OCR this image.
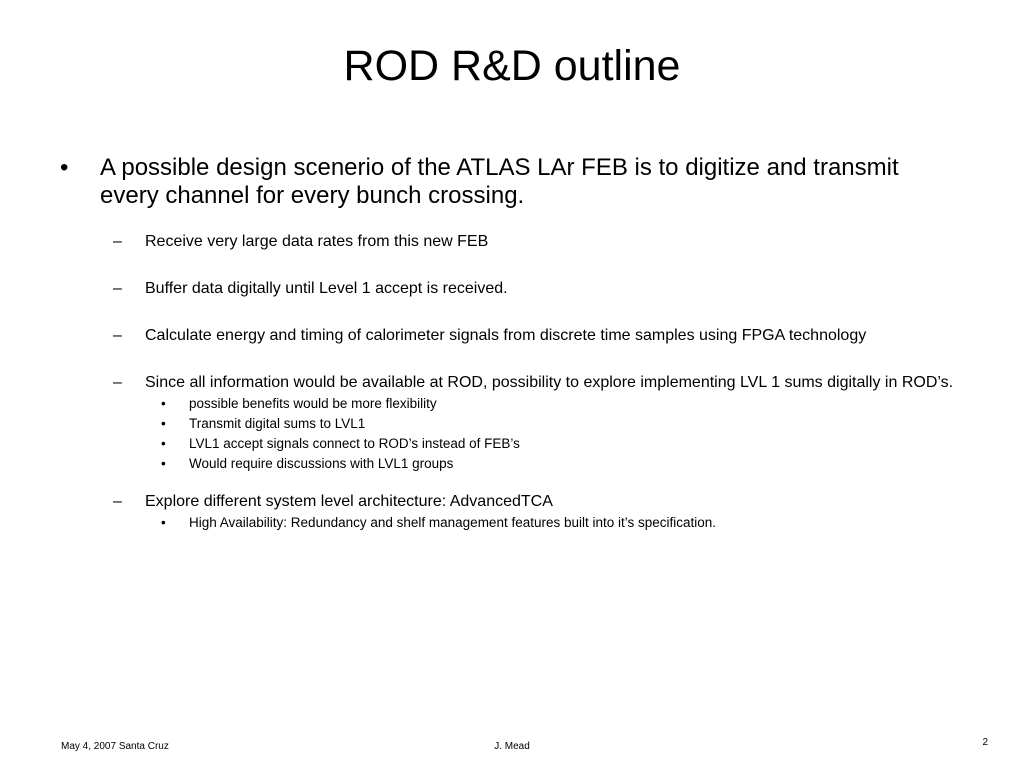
ROD R&D outline

• A possible design scenerio of the ATLAS LAr FEB is to digitize and transmit every channel for every bunch crossing.

– Receive very large data rates from this new FEB

– Buffer data digitally until Level 1 accept is received.

– Calculate energy and timing of calorimeter signals from discrete time samples using FPGA technology

– Since all information would be available at ROD, possibility to explore implementing LVL 1 sums digitally in ROD’s.

• possible benefits would be more flexibility

• Transmit digital sums to LVL1

• LVL1 accept signals connect to ROD’s instead of FEB’s

• Would require discussions with LVL1 groups

– Explore different system level architecture: AdvancedTCA

• High Availability: Redundancy and shelf management features built into it’s specification.

May 4, 2007 Santa Cruz	J. Mead	2
